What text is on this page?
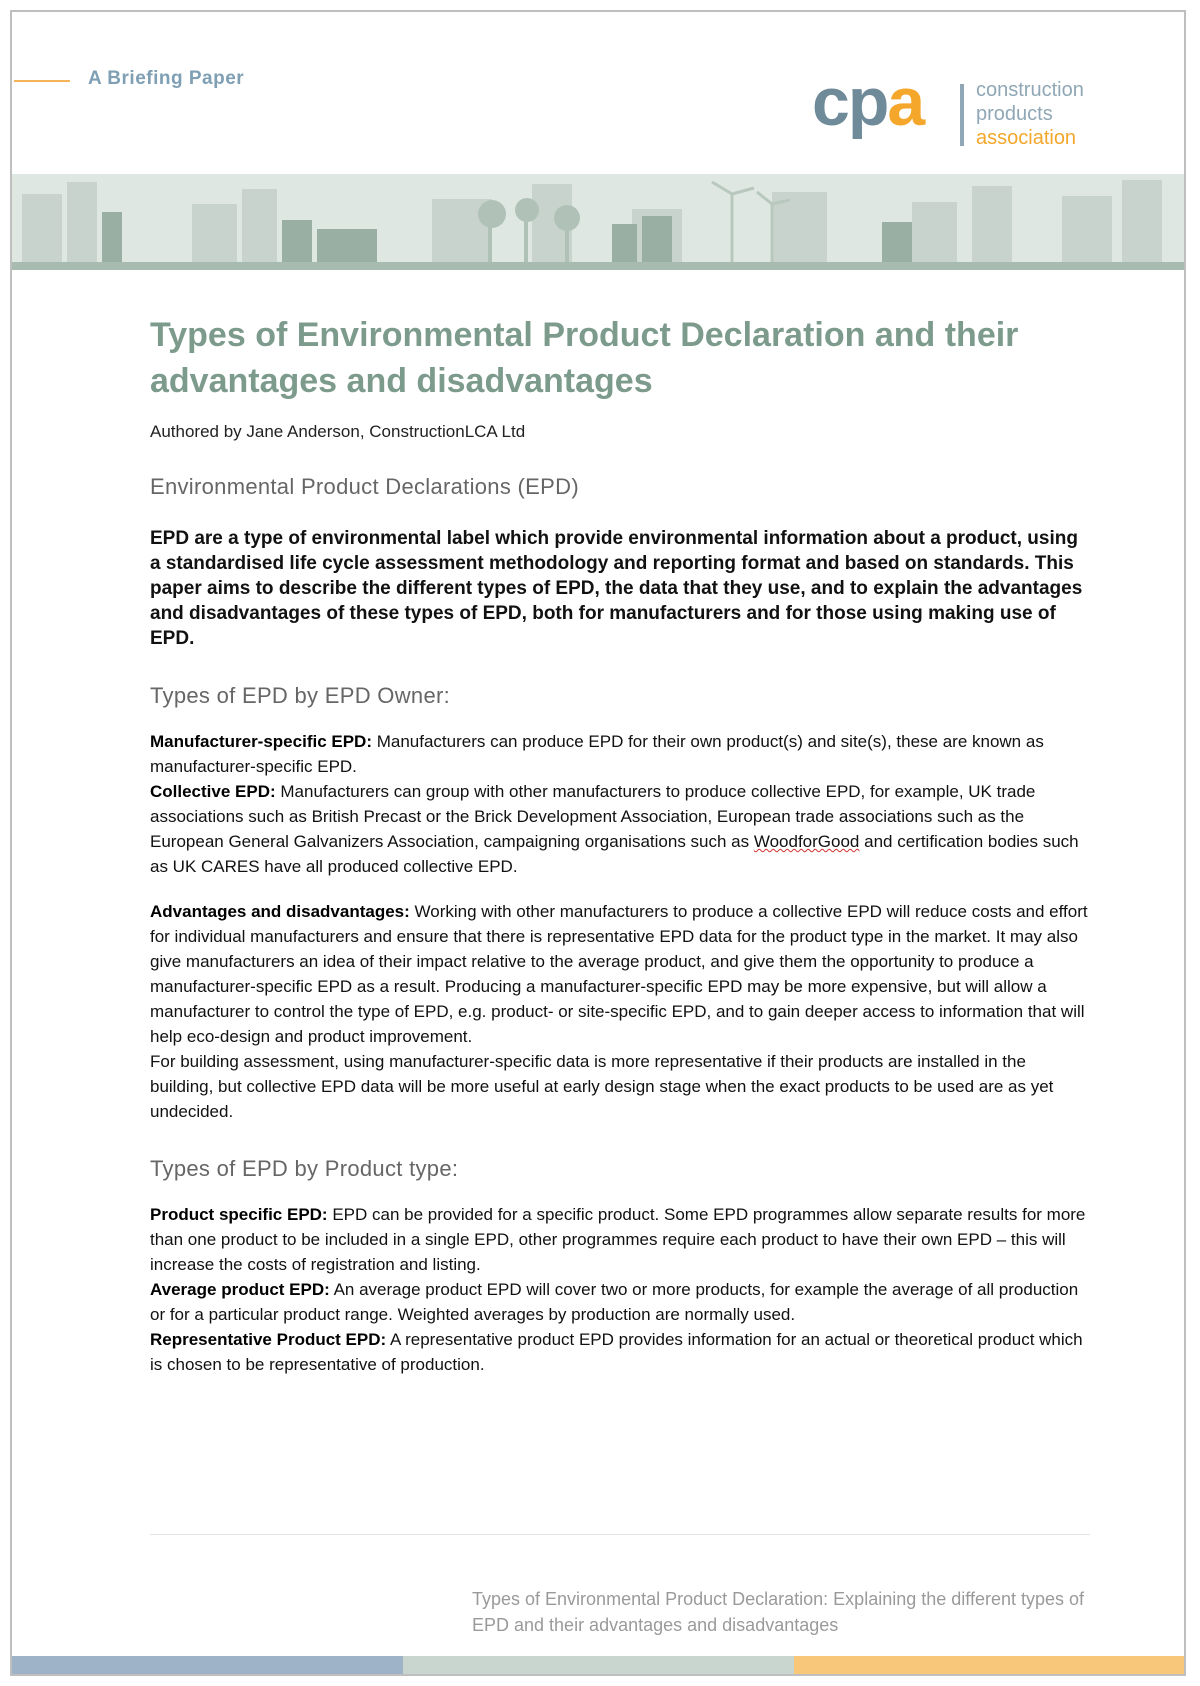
A Briefing Paper	cpa	construction
products
association
Types of Environmental Product Declaration and their advantages and disadvantages
Authored by Jane Anderson, ConstructionLCA Ltd
Environmental Product Declarations (EPD)
EPD are a type of environmental label which provide environmental information about a product, using a standardised life cycle assessment methodology and reporting format and based on standards. This paper aims to describe the different types of EPD, the data that they use, and to explain the advantages and disadvantages of these types of EPD, both for manufacturers and for those using making use of EPD.
Types of EPD by EPD Owner:
Manufacturer-specific EPD: Manufacturers can produce EPD for their own product(s) and site(s), these are known as manufacturer-specific EPD.
Collective EPD: Manufacturers can group with other manufacturers to produce collective EPD, for example, UK trade associations such as British Precast or the Brick Development Association, European trade associations such as the European General Galvanizers Association, campaigning organisations such as WoodforGood and certification bodies such as UK CARES have all produced collective EPD.
Advantages and disadvantages: Working with other manufacturers to produce a collective EPD will reduce costs and effort for individual manufacturers and ensure that there is representative EPD data for the product type in the market. It may also give manufacturers an idea of their impact relative to the average product, and give them the opportunity to produce a manufacturer-specific EPD as a result. Producing a manufacturer-specific EPD may be more expensive, but will allow a manufacturer to control the type of EPD, e.g. product- or site-specific EPD, and to gain deeper access to information that will help eco-design and product improvement.
For building assessment, using manufacturer-specific data is more representative if their products are installed in the building, but collective EPD data will be more useful at early design stage when the exact products to be used are as yet undecided.
Types of EPD by Product type:
Product specific EPD: EPD can be provided for a specific product. Some EPD programmes allow separate results for more than one product to be included in a single EPD, other programmes require each product to have their own EPD – this will increase the costs of registration and listing.
Average product EPD: An average product EPD will cover two or more products, for example the average of all production or for a particular product range. Weighted averages by production are normally used.
Representative Product EPD: A representative product EPD provides information for an actual or theoretical product which is chosen to be representative of production.
Types of Environmental Product Declaration: Explaining the different types of EPD and their advantages and disadvantages
